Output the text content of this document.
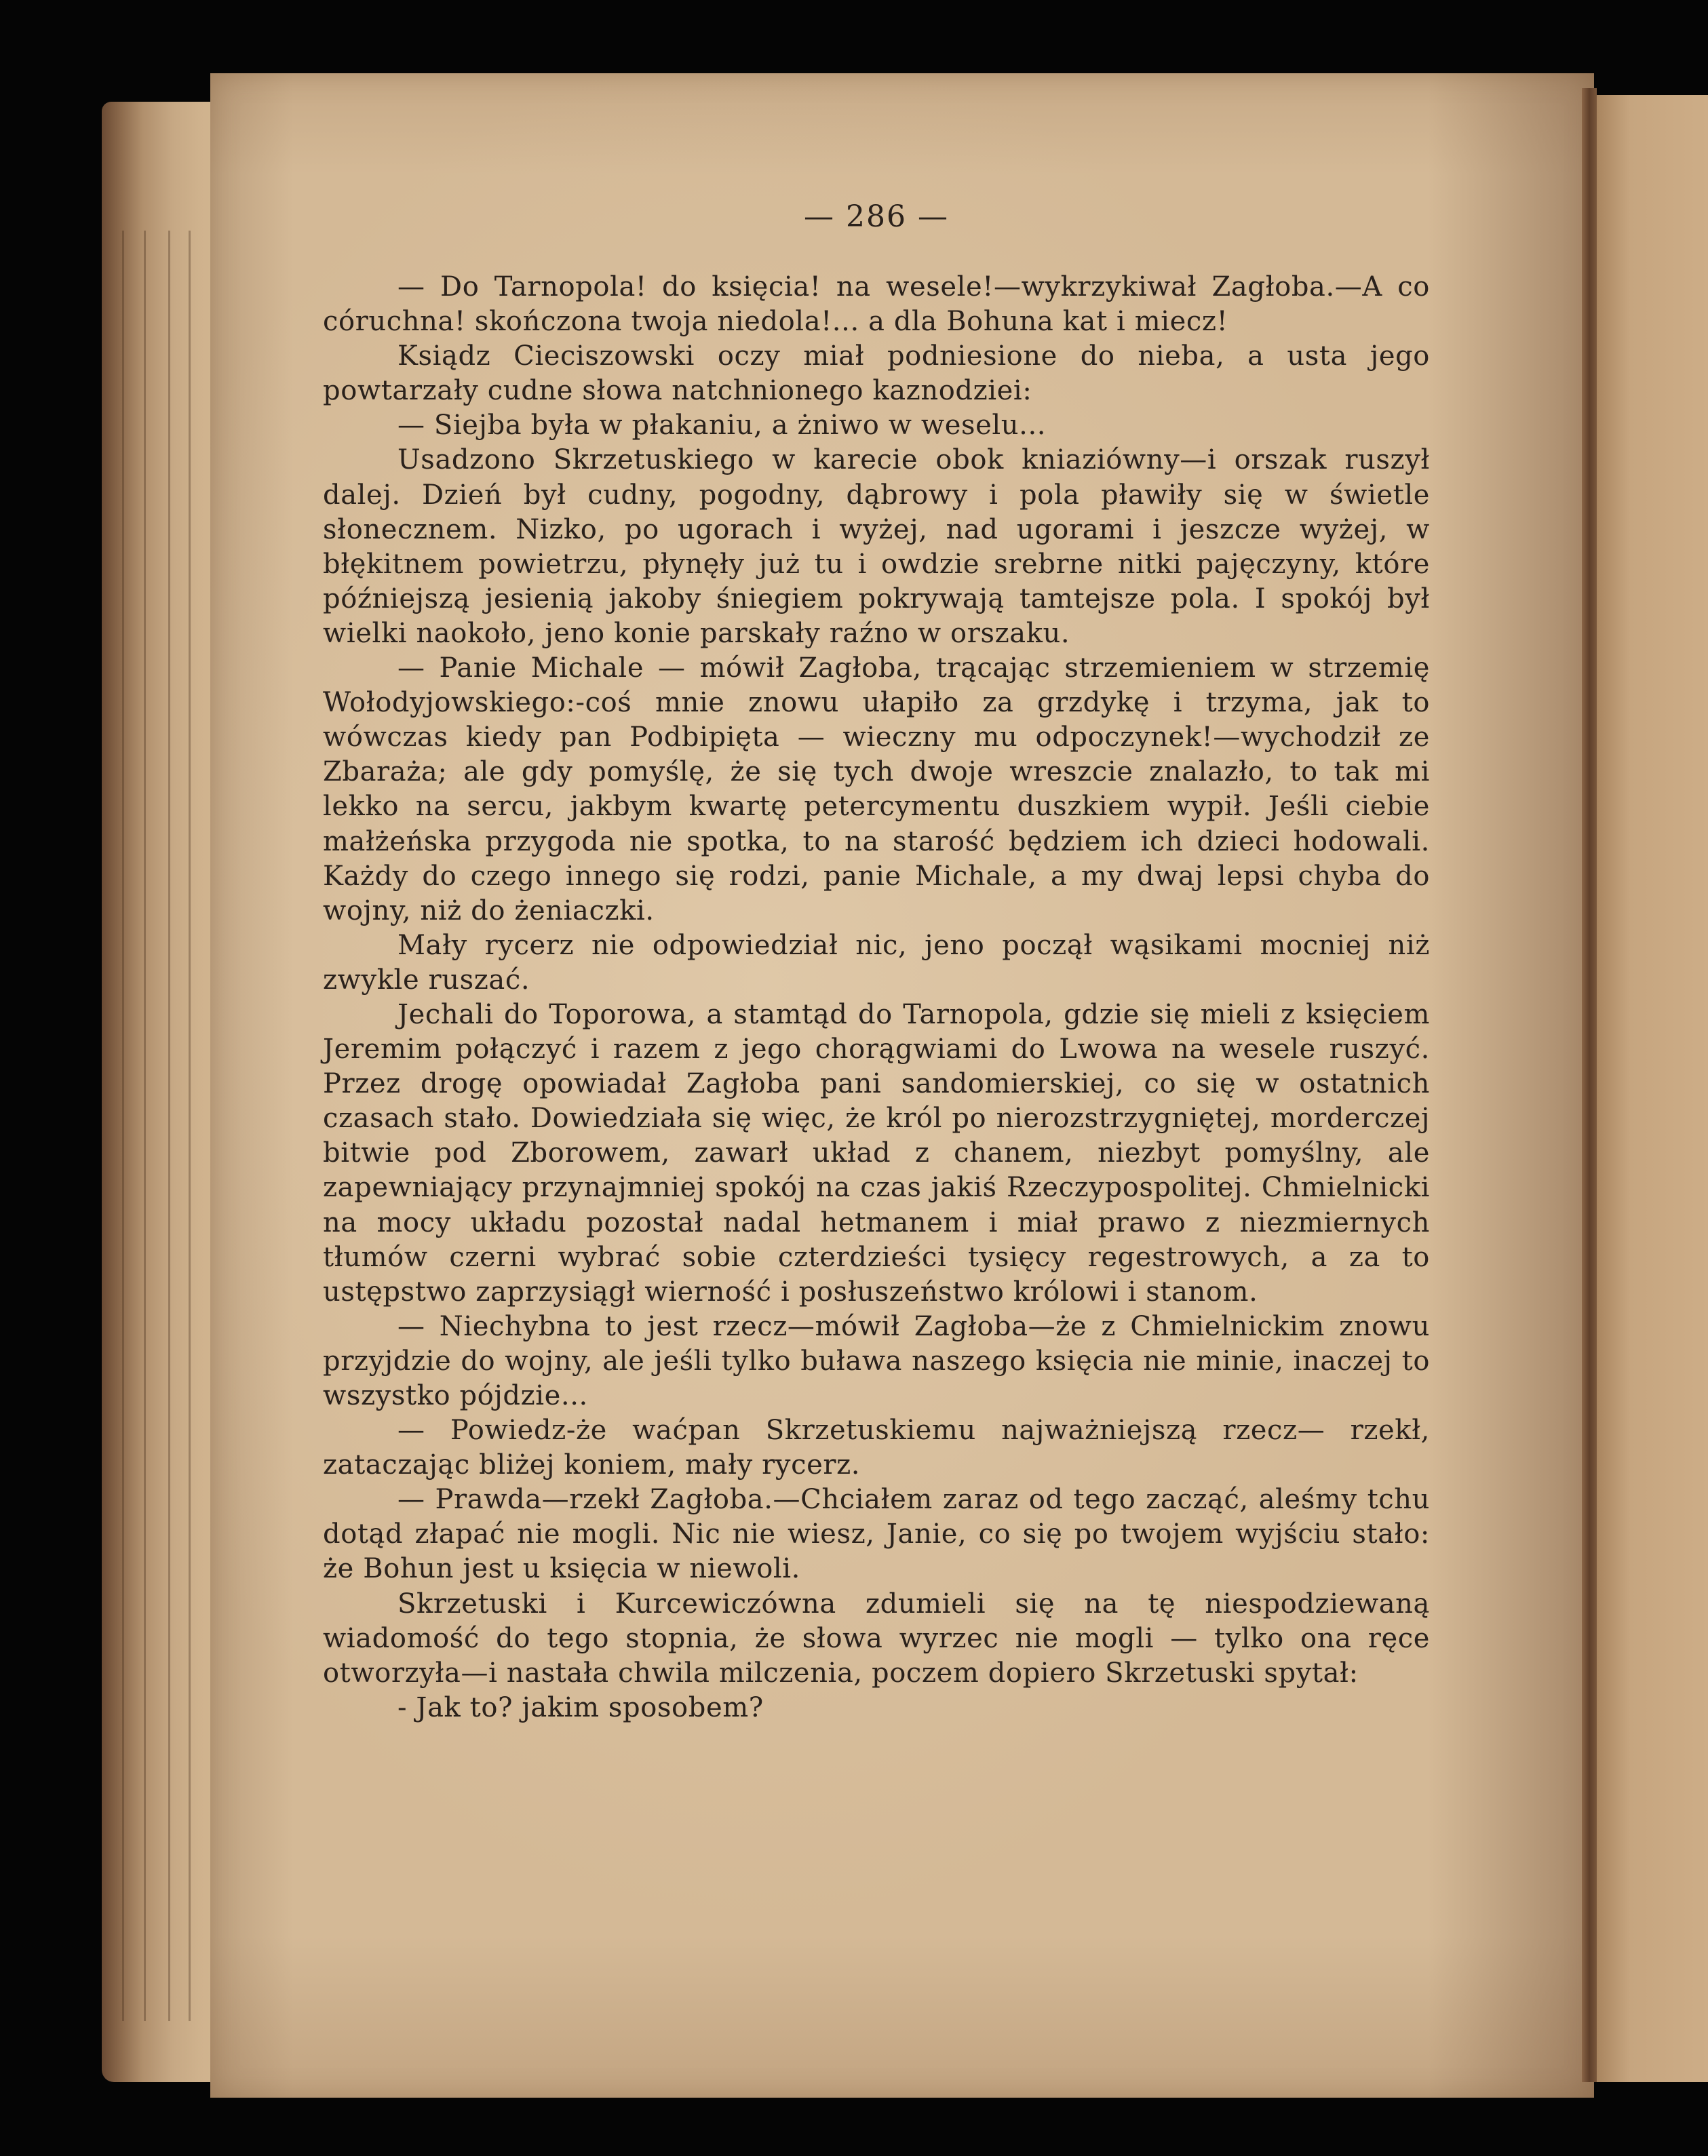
— 286 —

— Do Tarnopola! do księcia! na wesele!—wykrzykiwał Zagłoba.—A co córuchna! skończona twoja niedola!... a dla Bohuna kat i miecz!

Ksiądz Cieciszowski oczy miał podniesione do nieba, a usta jego powtarzały cudne słowa natchnionego kaznodziei:

— Siejba była w płakaniu, a żniwo w weselu...

Usadzono Skrzetuskiego w karecie obok kniaziówny—i orszak ruszył dalej. Dzień był cudny, pogodny, dąbrowy i pola pławiły się w świetle słonecznem. Nizko, po ugorach i wyżej, nad ugorami i jeszcze wyżej, w błękitnem powietrzu, płynęły już tu i owdzie srebrne nitki pajęczyny, które późniejszą jesienią jakoby śniegiem pokrywają tamtejsze pola. I spokój był wielki naokoło, jeno konie parskały raźno w orszaku.

— Panie Michale — mówił Zagłoba, trącając strzemieniem w strzemię Wołodyjowskiego:-coś mnie znowu ułapiło za grzdykę i trzyma, jak to wówczas kiedy pan Podbipięta — wieczny mu odpoczynek!—wychodził ze Zbaraża; ale gdy pomyślę, że się tych dwoje wreszcie znalazło, to tak mi lekko na sercu, jakbym kwartę petercymentu duszkiem wypił. Jeśli ciebie małżeńska przygoda nie spotka, to na starość będziem ich dzieci hodowali. Każdy do czego innego się rodzi, panie Michale, a my dwaj lepsi chyba do wojny, niż do żeniaczki.

Mały rycerz nie odpowiedział nic, jeno począł wąsikami mocniej niż zwykle ruszać.

Jechali do Toporowa, a stamtąd do Tarnopola, gdzie się mieli z księciem Jeremim połączyć i razem z jego chorągwiami do Lwowa na wesele ruszyć. Przez drogę opowiadał Zagłoba pani sandomierskiej, co się w ostatnich czasach stało. Dowiedziała się więc, że król po nierozstrzygniętej, morderczej bitwie pod Zborowem, zawarł układ z chanem, niezbyt pomyślny, ale zapewniający przynajmniej spokój na czas jakiś Rzeczypospolitej. Chmielnicki na mocy układu pozostał nadal hetmanem i miał prawo z niezmiernych tłumów czerni wybrać sobie czterdzieści tysięcy regestrowych, a za to ustępstwo zaprzysiągł wierność i posłuszeństwo królowi i stanom.

— Niechybna to jest rzecz—mówił Zagłoba—że z Chmielnickim znowu przyjdzie do wojny, ale jeśli tylko buława naszego księcia nie minie, inaczej to wszystko pójdzie...

— Powiedz-że waćpan Skrzetuskiemu najważniejszą rzecz— rzekł, zataczając bliżej koniem, mały rycerz.

— Prawda—rzekł Zagłoba.—Chciałem zaraz od tego zacząć, aleśmy tchu dotąd złapać nie mogli. Nic nie wiesz, Janie, co się po twojem wyjściu stało: że Bohun jest u księcia w niewoli.

Skrzetuski i Kurcewiczówna zdumieli się na tę niespodziewaną wiadomość do tego stopnia, że słowa wyrzec nie mogli — tylko ona ręce otworzyła—i nastała chwila milczenia, poczem dopiero Skrzetuski spytał:

- Jak to? jakim sposobem?
